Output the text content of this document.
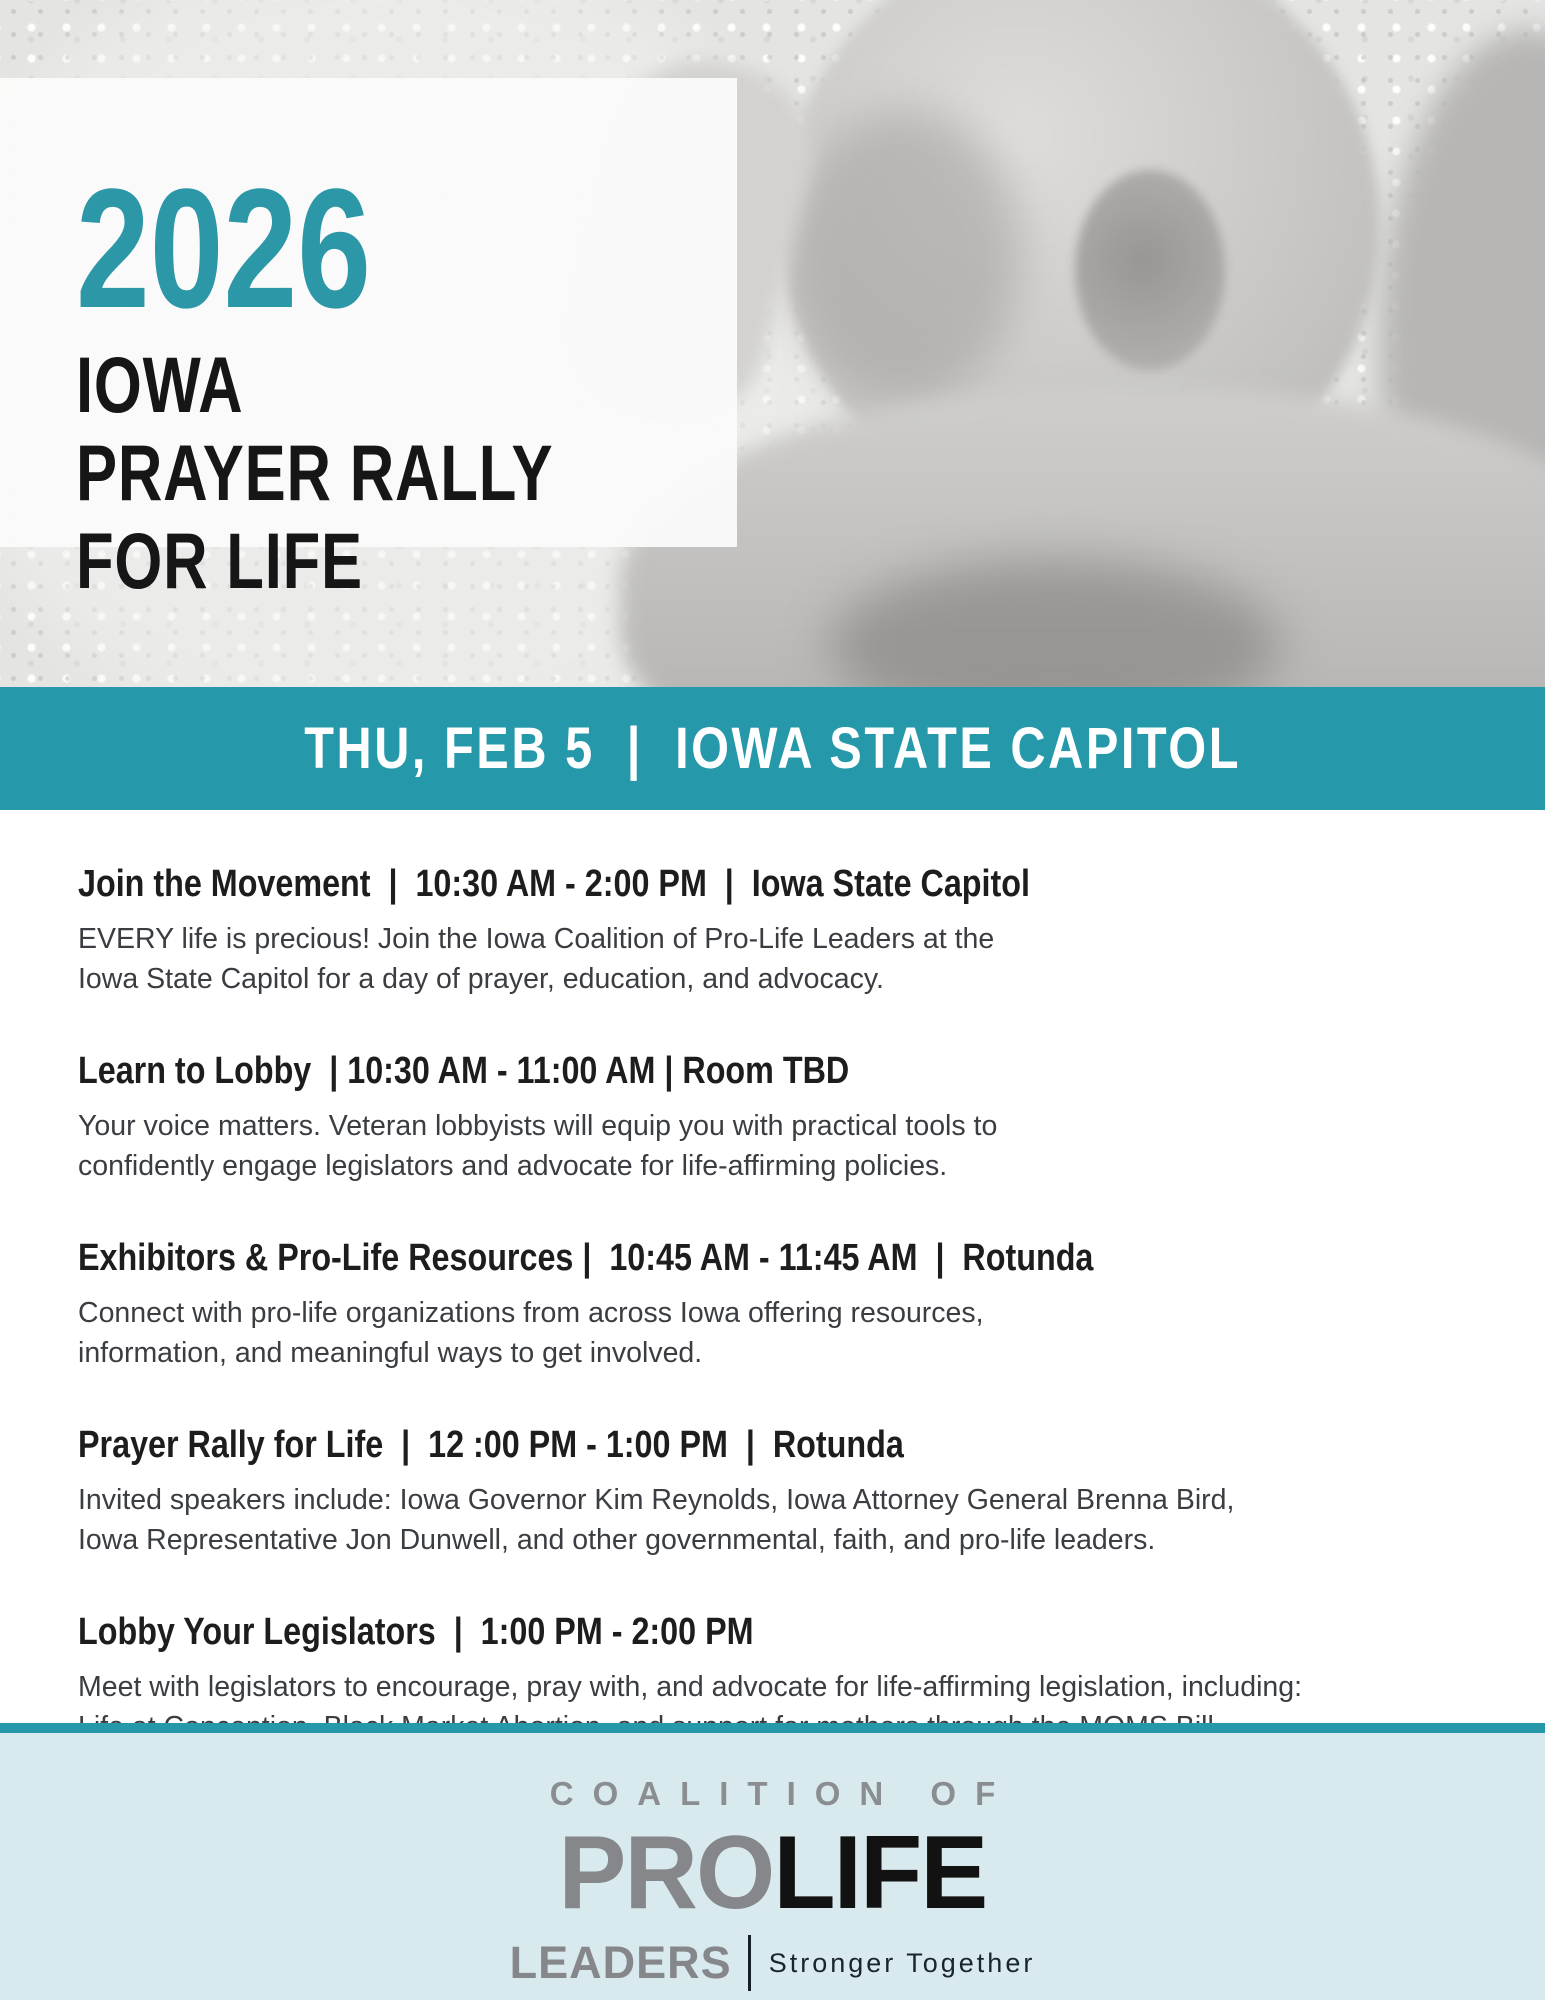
2026
IOWA
PRAYER RALLY
FOR LIFE
THU, FEB 5  |  IOWA STATE CAPITOL
Join the Movement  |  10:30 AM - 2:00 PM  |  Iowa State Capitol

EVERY life is precious! Join the Iowa Coalition of Pro-Life Leaders at the
Iowa State Capitol for a day of prayer, education, and advocacy.

Learn to Lobby  | 10:30 AM - 11:00 AM | Room TBD

Your voice matters. Veteran lobbyists will equip you with practical tools to
confidently engage legislators and advocate for life-affirming policies.

Exhibitors & Pro-Life Resources |  10:45 AM - 11:45 AM  |  Rotunda

Connect with pro-life organizations from across Iowa offering resources,
information, and meaningful ways to get involved.

Prayer Rally for Life  |  12 :00 PM - 1:00 PM  |  Rotunda

Invited speakers include: Iowa Governor Kim Reynolds, Iowa Attorney General Brenna Bird,
Iowa Representative Jon Dunwell, and other governmental, faith, and pro-life leaders.

Lobby Your Legislators  |  1:00 PM - 2:00 PM

Meet with legislators to encourage, pray with, and advocate for life-affirming legislation, including:

COALITION OF
PROLIFE
LEADERS Stronger Together
